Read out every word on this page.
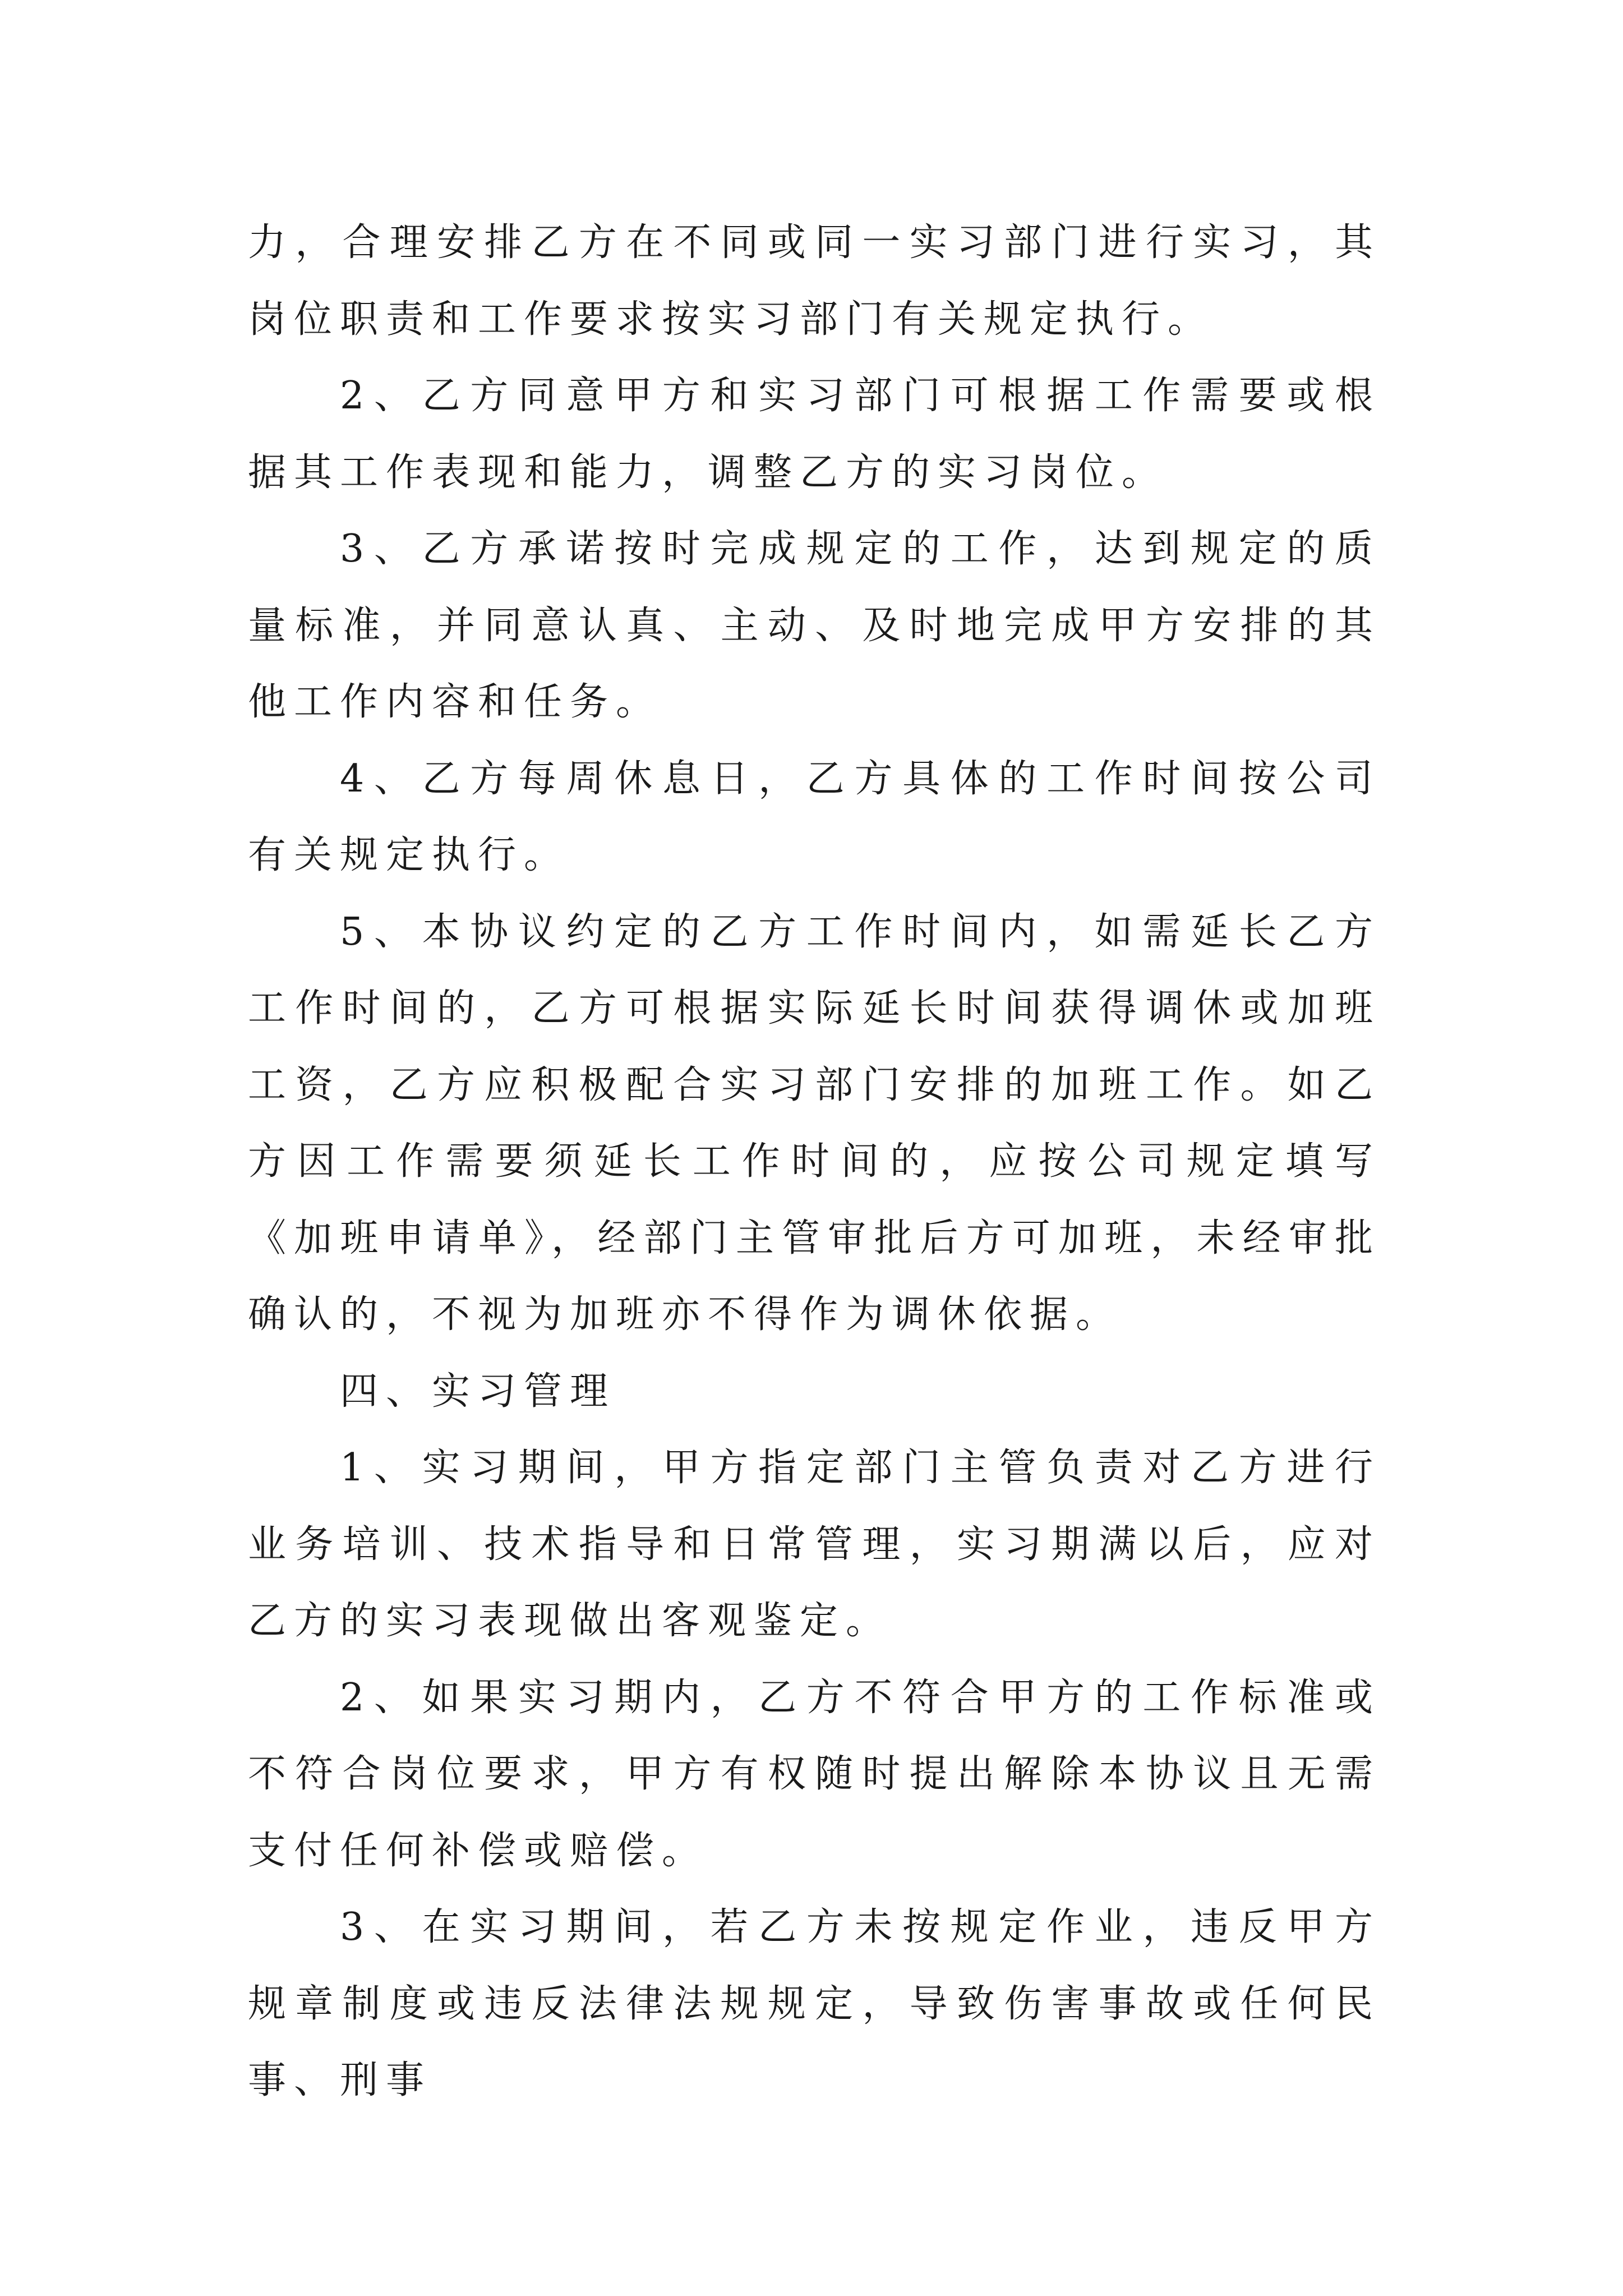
力，合理安排乙方在不同或同一实习部门进行实习，其岗位职责和工作要求按实习部门有关规定执行。

2、乙方同意甲方和实习部门可根据工作需要或根据其工作表现和能力，调整乙方的实习岗位。

3、乙方承诺按时完成规定的工作，达到规定的质量标准，并同意认真、主动、及时地完成甲方安排的其他工作内容和任务。

4、乙方每周休息日，乙方具体的工作时间按公司有关规定执行。

5、本协议约定的乙方工作时间内，如需延长乙方工作时间的，乙方可根据实际延长时间获得调休或加班工资，乙方应积极配合实习部门安排的加班工作。如乙方因工作需要须延长工作时间的，应按公司规定填写《加班申请单》，经部门主管审批后方可加班，未经审批确认的，不视为加班亦不得作为调休依据。

四、实习管理

1、实习期间，甲方指定部门主管负责对乙方进行业务培训、技术指导和日常管理，实习期满以后，应对乙方的实习表现做出客观鉴定。

2、如果实习期内，乙方不符合甲方的工作标准或不符合岗位要求，甲方有权随时提出解除本协议且无需支付任何补偿或赔偿。

3、在实习期间，若乙方未按规定作业，违反甲方规章制度或违反法律法规规定，导致伤害事故或任何民事、刑事
